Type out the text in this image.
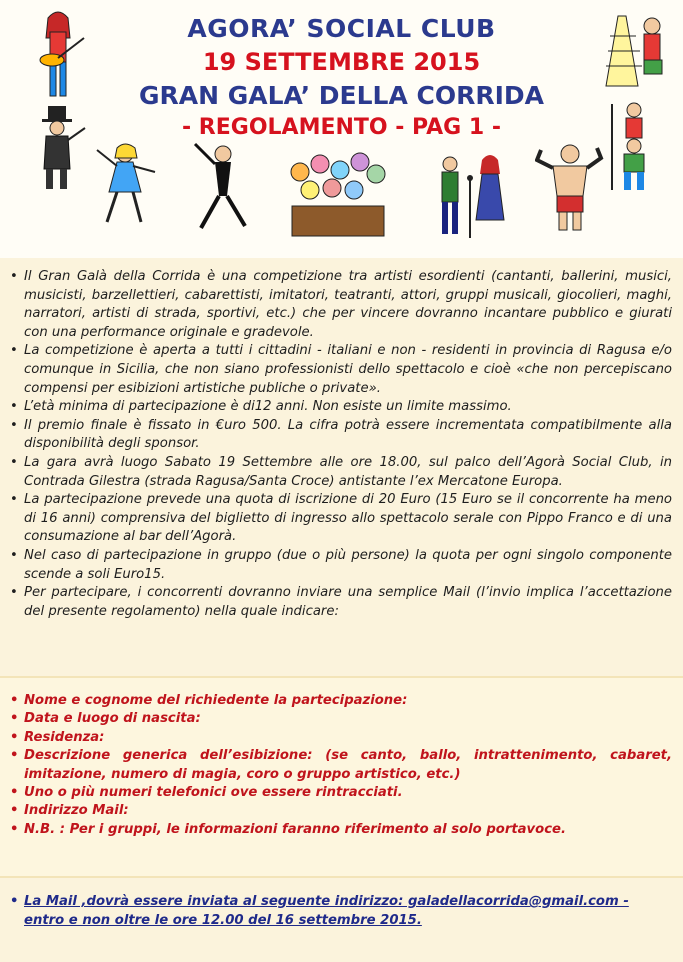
AGORA’ SOCIAL CLUB
19 SETTEMBRE 2015
GRAN GALA’ DELLA CORRIDA
- REGOLAMENTO - PAG 1 -
• Il Gran Galà della Corrida è una competizione tra artisti esordienti (cantanti, ballerini, musici, musicisti, barzellettieri, cabarettisti, imitatori, teatranti, attori, gruppi musicali, giocolieri, maghi, narratori, artisti di strada, sportivi, etc.) che per vincere dovranno incantare pubblico e giurati con una performance originale e gradevole.
• La competizione è aperta a tutti i cittadini - italiani e non - residenti in provincia di Ragusa e/o comunque in Sicilia, che non siano professionisti dello spettacolo e cioè «che non percepiscano compensi per esibizioni artistiche publiche o private».
• L’età minima di partecipazione è di12 anni. Non esiste un limite massimo.
• Il premio finale è fissato in €uro 500. La cifra potrà essere incrementata compatibilmente alla disponibilità degli sponsor.
• La gara avrà luogo Sabato 19 Settembre alle ore 18.00, sul palco dell’Agorà Social Club, in Contrada Gilestra (strada Ragusa/Santa Croce) antistante l’ex Mercatone Europa.
• La partecipazione prevede una quota di iscrizione di 20 Euro (15 Euro se il concorrente ha meno di 16 anni) comprensiva del biglietto di ingresso allo spettacolo serale con Pippo Franco e di una consumazione al bar dell’Agorà.
• Nel caso di partecipazione in gruppo (due o più persone) la quota per ogni singolo componente scende a soli Euro15.
• Per partecipare, i concorrenti dovranno inviare una semplice Mail (l’invio implica l’accettazione del presente regolamento) nella quale indicare:
• Nome e cognome del richiedente la partecipazione:
• Data e luogo di nascita:
• Residenza:
• Descrizione generica dell’esibizione: (se canto, ballo, intrattenimento, cabaret, imitazione, numero di magia, coro o gruppo artistico, etc.)
• Uno o più numeri telefonici ove essere rintracciati.
• Indirizzo Mail:
• N.B. : Per i gruppi, le informazioni faranno riferimento al solo portavoce.
• La Mail ,dovrà essere inviata al seguente indirizzo: galadellacorrida@gmail.com - entro e non oltre le ore 12.00 del 16 settembre 2015.
